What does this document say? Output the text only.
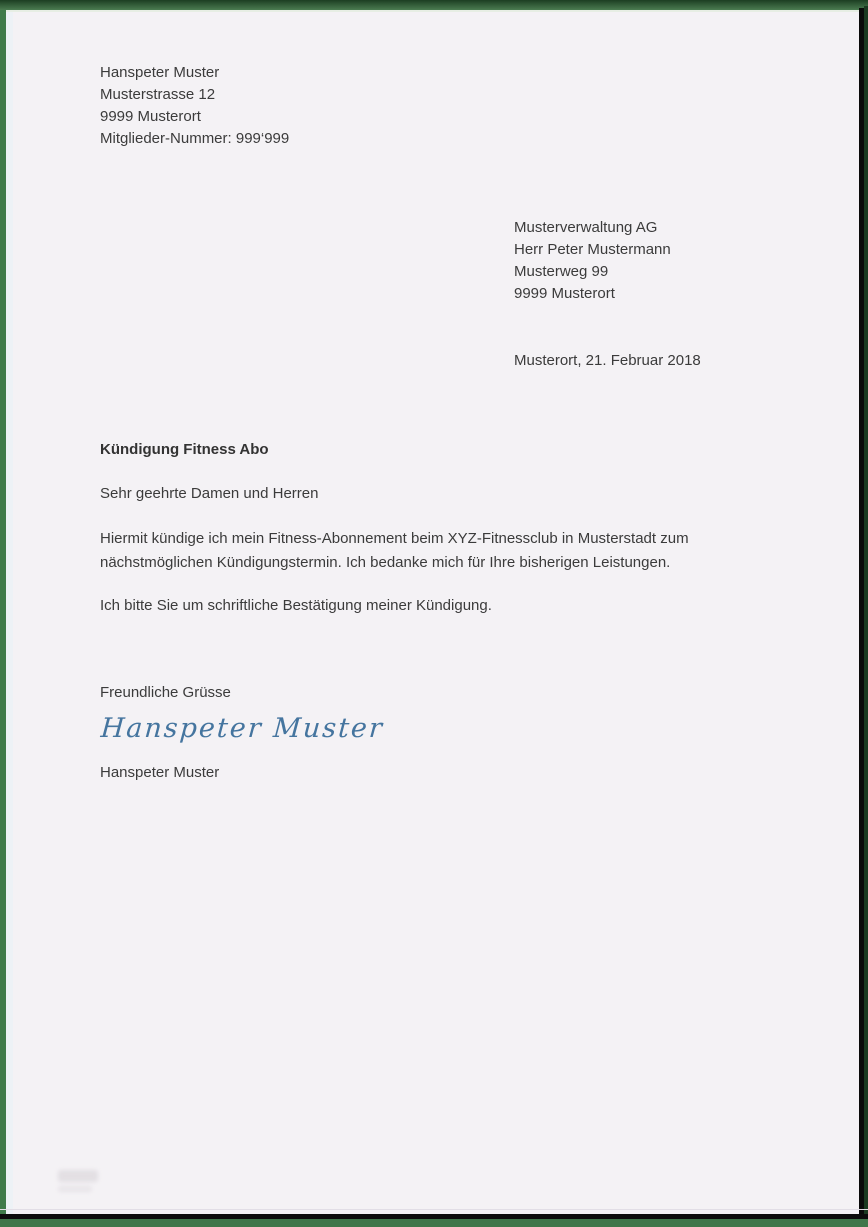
Hanspeter Muster
Musterstrasse 12
9999 Musterort
Mitglieder-Nummer: 999‘999
Musterverwaltung AG
Herr Peter Mustermann
Musterweg 99
9999 Musterort
Musterort, 21. Februar 2018
Kündigung Fitness Abo
Sehr geehrte Damen und Herren
Hiermit kündige ich mein Fitness-Abonnement beim XYZ-Fitnessclub in Musterstadt zum nächstmöglichen Kündigungstermin. Ich bedanke mich für Ihre bisherigen Leistungen.
Ich bitte Sie um schriftliche Bestätigung meiner Kündigung.
Freundliche Grüsse
Hanspeter Muster
Hanspeter Muster
